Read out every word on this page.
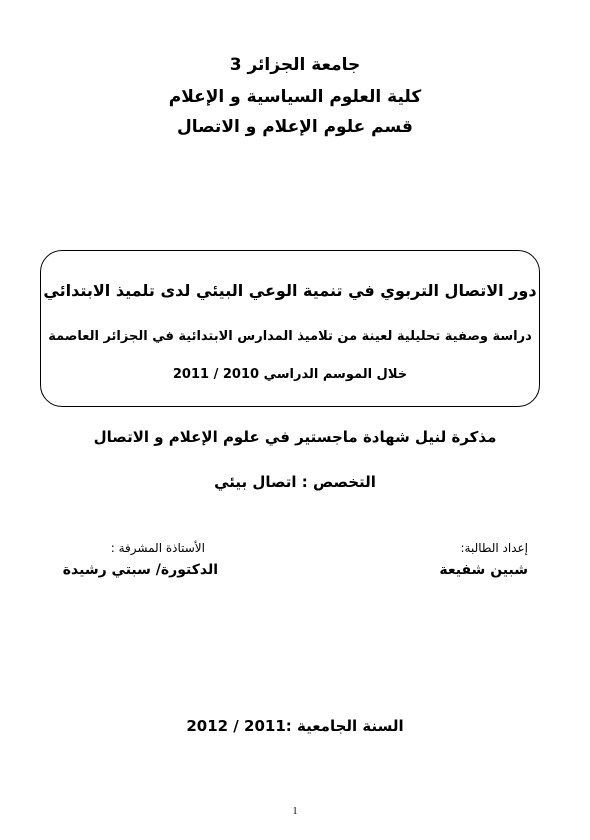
جامعة الجزائر 3
كلية العلوم السياسية و الإعلام
قسم علوم الإعلام و الاتصال
دور الاتصال التربوي في تنمية الوعي البيئي لدى تلميذ الابتدائي
دراسة وصفية تحليلية لعينة من تلاميذ المدارس الابتدائية في الجزائر العاصمة
خلال الموسم الدراسي 2010 / 2011
مذكرة لنيل شهادة ماجستير في علوم الإعلام و الاتصال
التخصص : اتصال بيئي
إعداد الطالبة:
شبين شفيعة
الأستاذة المشرفة :
الدكتورة/ سبتي رشيدة
السنة الجامعية :2011 / 2012
1
